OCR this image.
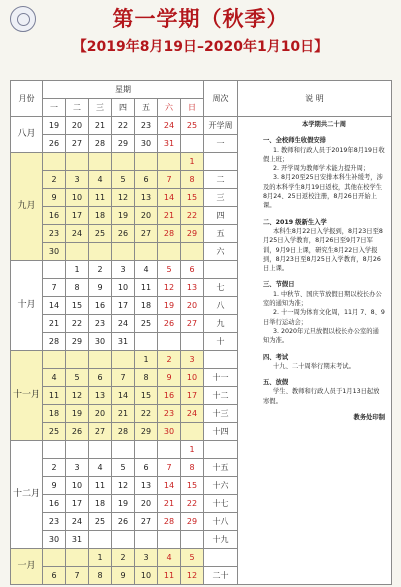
第一学期（秋季）
【2019年8月19日–2020年1月10日】
月份	星期							周次	说 明
	一	二	三	四	五	六	日		
八月	19	20	21	22	23	24	25	开学周	
	26	27	28	29	30	31		一	
九月							1		
	2	3	4	5	6	7	8	二	
	9	10	11	12	13	14	15	三	
	16	17	18	19	20	21	22	四	
	23	24	25	26	27	28	29	五	
	30							六	
十月		1	2	3	4	5	6		
	7	8	9	10	11	12	13	七	
	14	15	16	17	18	19	20	八	
	21	22	23	24	25	26	27	九	
	28	29	30	31				十	
十一月					1	2	3		
	4	5	6	7	8	9	10	十一	
	11	12	13	14	15	16	17	十二	
	18	19	20	21	22	23	24	十三	
	25	26	27	28	29	30		十四	
十二月							1		
	2	3	4	5	6	7	8	十五	
	9	10	11	12	13	14	15	十六	
	16	17	18	19	20	21	22	十七	
	23	24	25	26	27	28	29	十八	
	30	31						十九	
一月			1	2	3	4	5		
	6	7	8	9	10	11	12	二十	

本学期共二十周

一、全校师生收假安排

1. 教师和行政人员于2019年8月19日收假上班；

2. 开学周为教师学术能力提升周；

3. 8月20至25日安排本科生补缓考，涉及的本科学生8月19日返校，其他在校学生8月24、25日返校注册，8月26日开始上课。

二、2019 级新生入学

本科生8月22日入学报到，8月23日至8月25日入学教育，8月26日至9月7日军训，9月9日上课，研究生8月22日入学报到，8月23日至8月25日入学教育，8月26日上课。

三、节假日

1. 中秋节、国庆节放假日期以校长办公室的通知为准；

2. 十一周为体育文化周，11月 7、8、9日举行运动会；

3. 2020年元旦放假以校长办公室的通知为准。

四、考试

十九、二十周举行期末考试。

五、放假

学生、教师和行政人员于1月13日起放寒假。

教务处印制
